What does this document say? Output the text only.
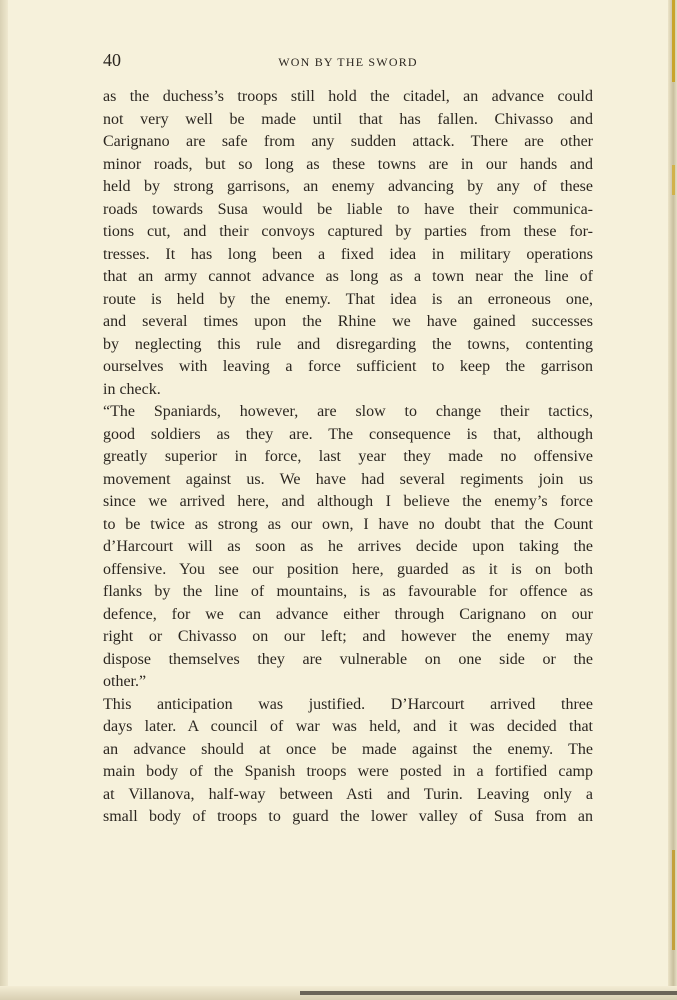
40	WON BY THE SWORD
as the duchess’s troops still hold the citadel, an advance could
not very well be made until that has fallen. Chivasso and
Carignano are safe from any sudden attack. There are other
minor roads, but so long as these towns are in our hands and
held by strong garrisons, an enemy advancing by any of these
roads towards Susa would be liable to have their communica-
tions cut, and their convoys captured by parties from these for-
tresses. It has long been a fixed idea in military operations
that an army cannot advance as long as a town near the line of
route is held by the enemy. That idea is an erroneous one,
and several times upon the Rhine we have gained successes
by neglecting this rule and disregarding the towns, contenting
ourselves with leaving a force sufficient to keep the garrison
in check.
“The Spaniards, however, are slow to change their tactics,
good soldiers as they are. The consequence is that, although
greatly superior in force, last year they made no offensive
movement against us. We have had several regiments join us
since we arrived here, and although I believe the enemy’s force
to be twice as strong as our own, I have no doubt that the Count
d’Harcourt will as soon as he arrives decide upon taking the
offensive. You see our position here, guarded as it is on both
flanks by the line of mountains, is as favourable for offence as
defence, for we can advance either through Carignano on our
right or Chivasso on our left; and however the enemy may
dispose themselves they are vulnerable on one side or the
other.”
This anticipation was justified. D’Harcourt arrived three
days later. A council of war was held, and it was decided that
an advance should at once be made against the enemy. The
main body of the Spanish troops were posted in a fortified camp
at Villanova, half-way between Asti and Turin. Leaving only a
small body of troops to guard the lower valley of Susa from an
